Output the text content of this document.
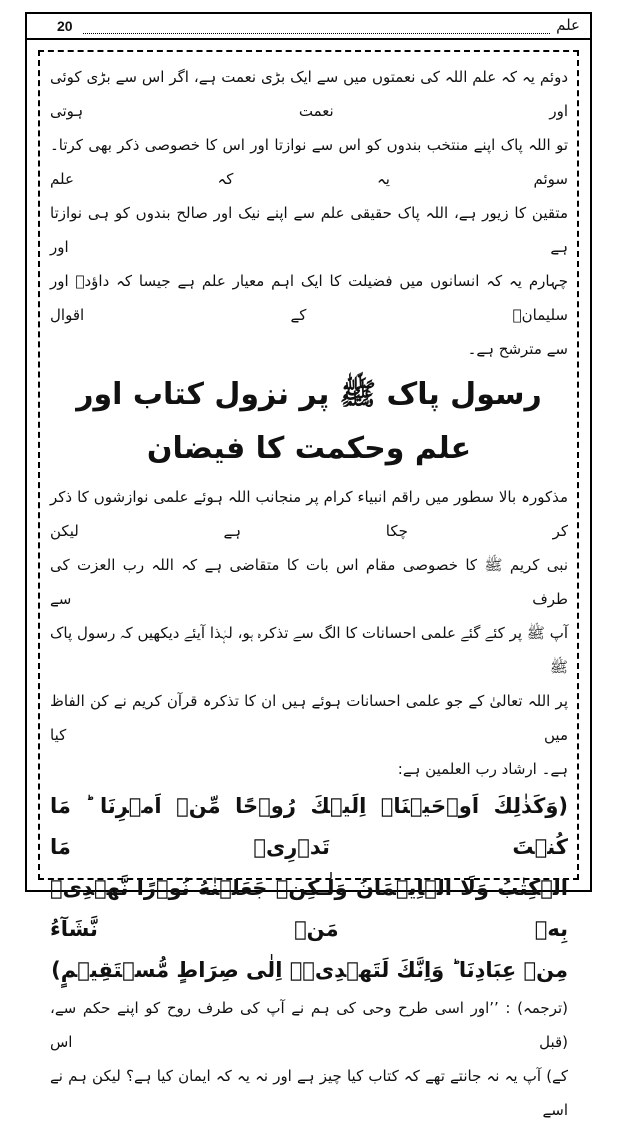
20	علم

دوئم یہ کہ علم اللہ کی نعمتوں میں سے ایک بڑی نعمت ہے، اگر اس سے بڑی کوئی اور نعمت ہوتی

تو اللہ پاک اپنے منتخب بندوں کو اس سے نوازتا اور اس کا خصوصی ذکر بھی کرتا۔ سوئم یہ کہ علم

متقین کا زیور ہے، اللہ پاک حقیقی علم سے اپنے نیک اور صالح بندوں کو ہی نوازتا ہے اور

چہارم یہ کہ انسانوں میں فضیلت کا ایک اہم معیار علم ہے جیسا کہ داؤدؑ اور سلیمانؑ کے اقوال

سے مترشح ہے۔

رسول پاک ﷺ پر نزول کتاب اور علم وحکمت کا فیضان

مذکورہ بالا سطور میں راقم انبیاء کرام پر منجانب اللہ ہوئے علمی نوازشوں کا ذکر کر چکا ہے لیکن

نبی کریم ﷺ کا خصوصی مقام اس بات کا متقاضی ہے کہ اللہ رب العزت کی طرف سے

آپ ﷺ پر کئے گئے علمی احسانات کا الگ سے تذکرہ ہو، لہٰذا آیئے دیکھیں کہ رسول پاک ﷺ

پر اللہ تعالیٰ کے جو علمی احسانات ہوئے ہیں ان کا تذکرہ قرآن کریم نے کن الفاظ میں کیا

ہے۔ ارشاد رب العلمین ہے:

(وَكَذٰلِكَ اَوۡحَيۡنَاۤ اِلَيۡكَ رُوۡحًا مِّنۡ اَمۡرِنَا ؕ مَا كُنۡتَ تَدۡرِىۡ مَا

الۡكِتٰبُ وَلَا الۡاِيۡمَانُ وَلٰـكِنۡ جَعَلۡنٰهُ نُوۡرًا نَّهۡدِىۡ بِهٖ مَنۡ نَّشَآءُ

مِنۡ عِبَادِنَا ؕ وَاِنَّكَ لَتَهۡدِىۡۤ اِلٰى صِرَاطٍ مُّسۡتَقِيۡمٍ)

(ترجمہ) : ’’اور اسی طرح وحی کی ہم نے آپ کی طرف روح کو اپنے حکم سے، (قبل اس

کے) آپ یہ نہ جانتے تھے کہ کتاب کیا چیز ہے اور نہ یہ کہ ایمان کیا ہے؟ لیکن ہم نے اسے
